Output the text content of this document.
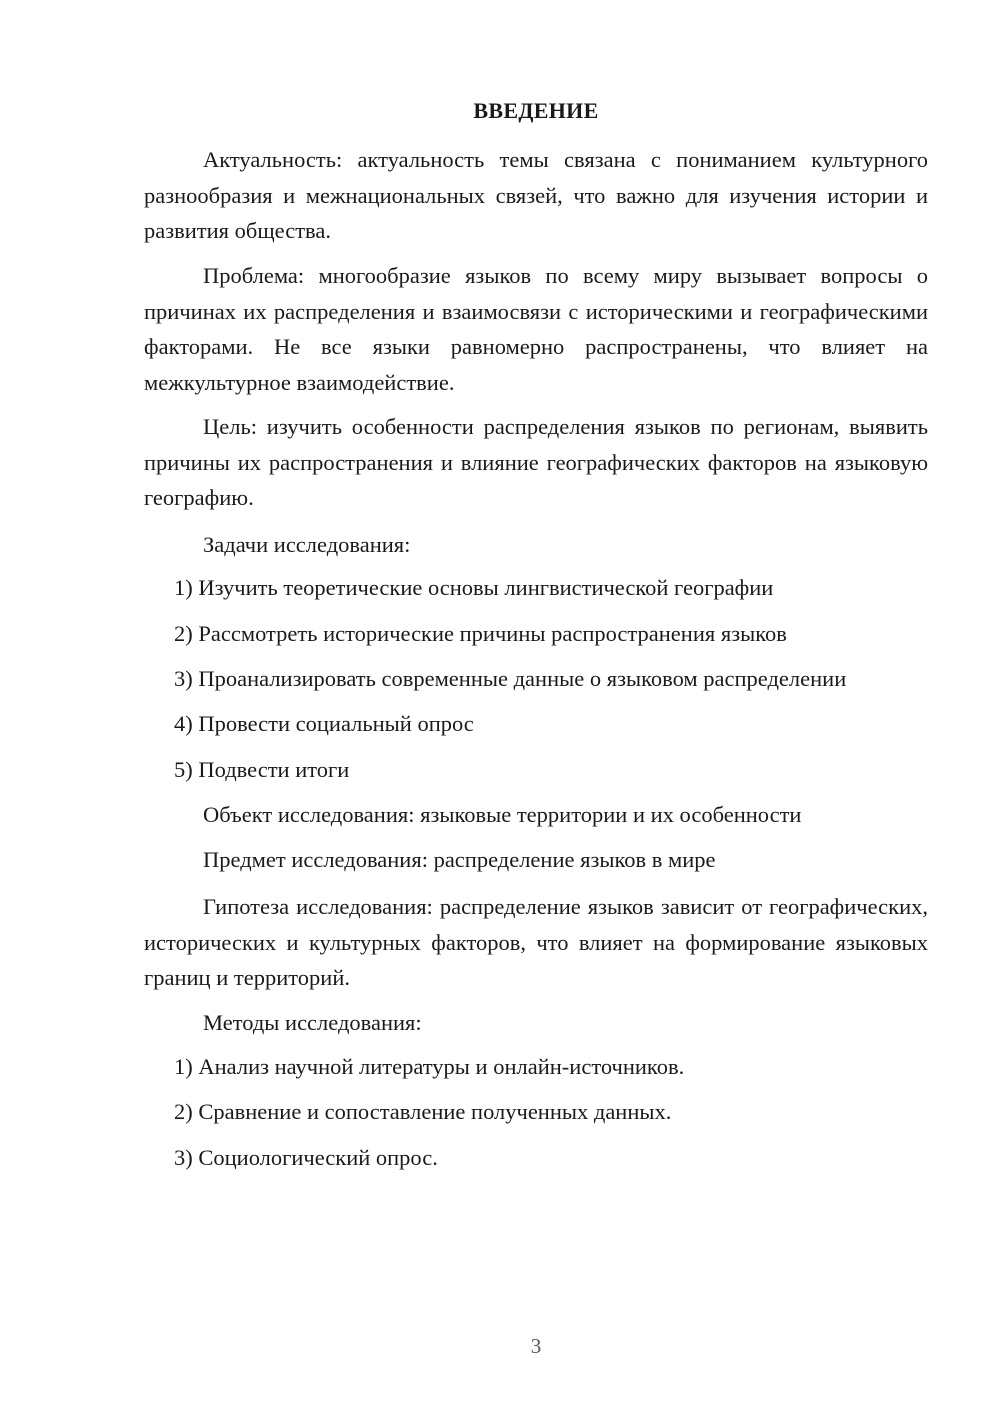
ВВЕДЕНИЕ

Актуальность: актуальность темы связана с пониманием культурного разнообразия и межнациональных связей, что важно для изучения истории и развития общества.

Проблема: многообразие языков по всему миру вызывает вопросы о причинах их распределения и взаимосвязи с историческими и географическими факторами. Не все языки равномерно распространены, что влияет на межкультурное взаимодействие.

Цель: изучить особенности распределения языков по регионам, выявить причины их распространения и влияние географических факторов на языковую географию.

Задачи исследования:

1) Изучить теоретические основы лингвистической географии

2) Рассмотреть исторические причины распространения языков

3) Проанализировать современные данные о языковом распределении

4) Провести социальный опрос

5) Подвести итоги

Объект исследования: языковые территории и их особенности

Предмет исследования: распределение языков в мире

Гипотеза исследования: распределение языков зависит от географических, исторических и культурных факторов, что влияет на формирование языковых границ и территорий.

Методы исследования:

1) Анализ научной литературы и онлайн-источников.

2) Сравнение и сопоставление полученных данных.

3) Социологический опрос.

3
